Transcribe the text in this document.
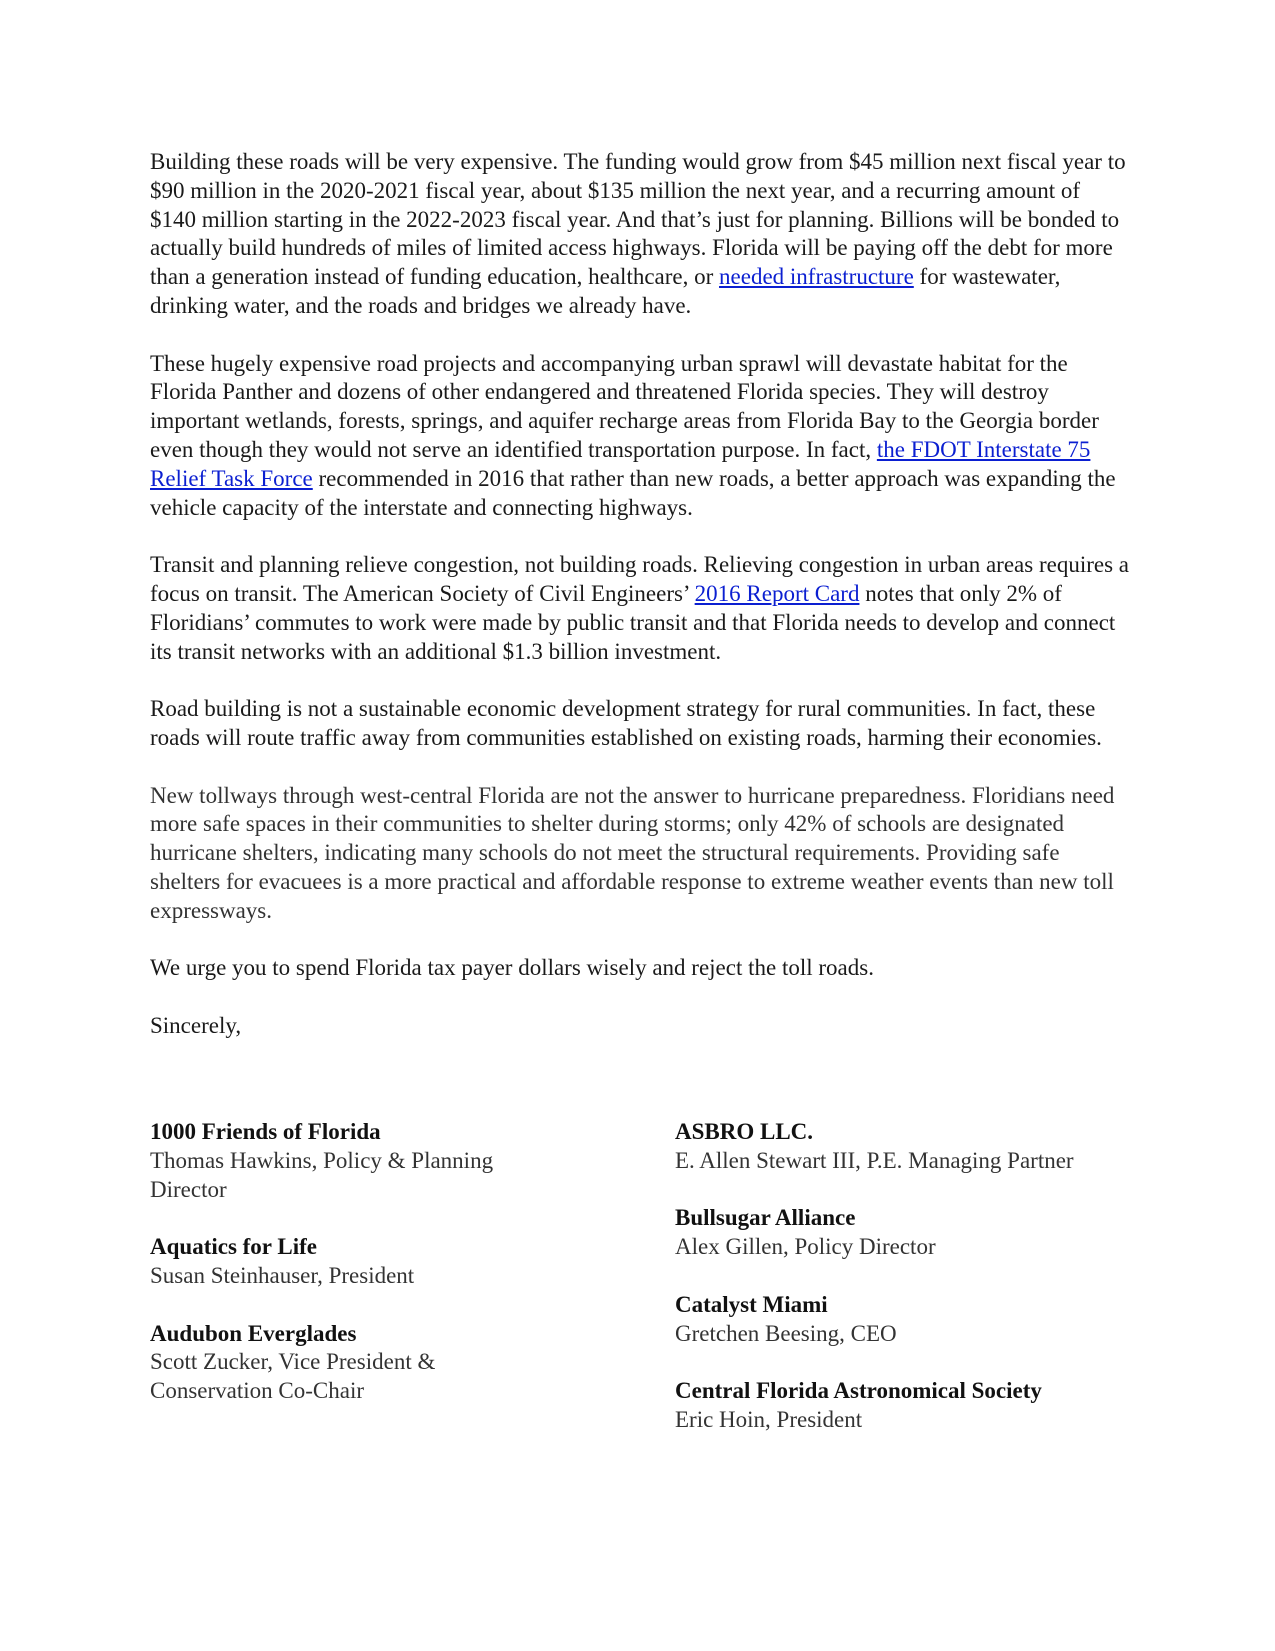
Building these roads will be very expensive. The funding would grow from $45 million next fiscal year to $90 million in the 2020-2021 fiscal year, about $135 million the next year, and a recurring amount of $140 million starting in the 2022-2023 fiscal year. And that’s just for planning. Billions will be bonded to actually build hundreds of miles of limited access highways. Florida will be paying off the debt for more than a generation instead of funding education, healthcare, or needed infrastructure for wastewater, drinking water, and the roads and bridges we already have.

These hugely expensive road projects and accompanying urban sprawl will devastate habitat for the Florida Panther and dozens of other endangered and threatened Florida species. They will destroy important wetlands, forests, springs, and aquifer recharge areas from Florida Bay to the Georgia border even though they would not serve an identified transportation purpose. In fact, the FDOT Interstate 75 Relief Task Force recommended in 2016 that rather than new roads, a better approach was expanding the vehicle capacity of the interstate and connecting highways.

Transit and planning relieve congestion, not building roads. Relieving congestion in urban areas requires a focus on transit. The American Society of Civil Engineers’ 2016 Report Card notes that only 2% of Floridians’ commutes to work were made by public transit and that Florida needs to develop and connect its transit networks with an additional $1.3 billion investment.

Road building is not a sustainable economic development strategy for rural communities. In fact, these roads will route traffic away from communities established on existing roads, harming their economies.

New tollways through west-central Florida are not the answer to hurricane preparedness. Floridians need more safe spaces in their communities to shelter during storms; only 42% of schools are designated hurricane shelters, indicating many schools do not meet the structural requirements. Providing safe shelters for evacuees is a more practical and affordable response to extreme weather events than new toll expressways.

We urge you to spend Florida tax payer dollars wisely and reject the toll roads.

Sincerely,

1000 Friends of Florida
Thomas Hawkins, Policy & Planning Director
Aquatics for Life
Susan Steinhauser, President
Audubon Everglades
Scott Zucker, Vice President & Conservation Co-Chair
ASBRO LLC.
E. Allen Stewart III, P.E. Managing Partner
Bullsugar Alliance
Alex Gillen, Policy Director
Catalyst Miami
Gretchen Beesing, CEO
Central Florida Astronomical Society
Eric Hoin, President
